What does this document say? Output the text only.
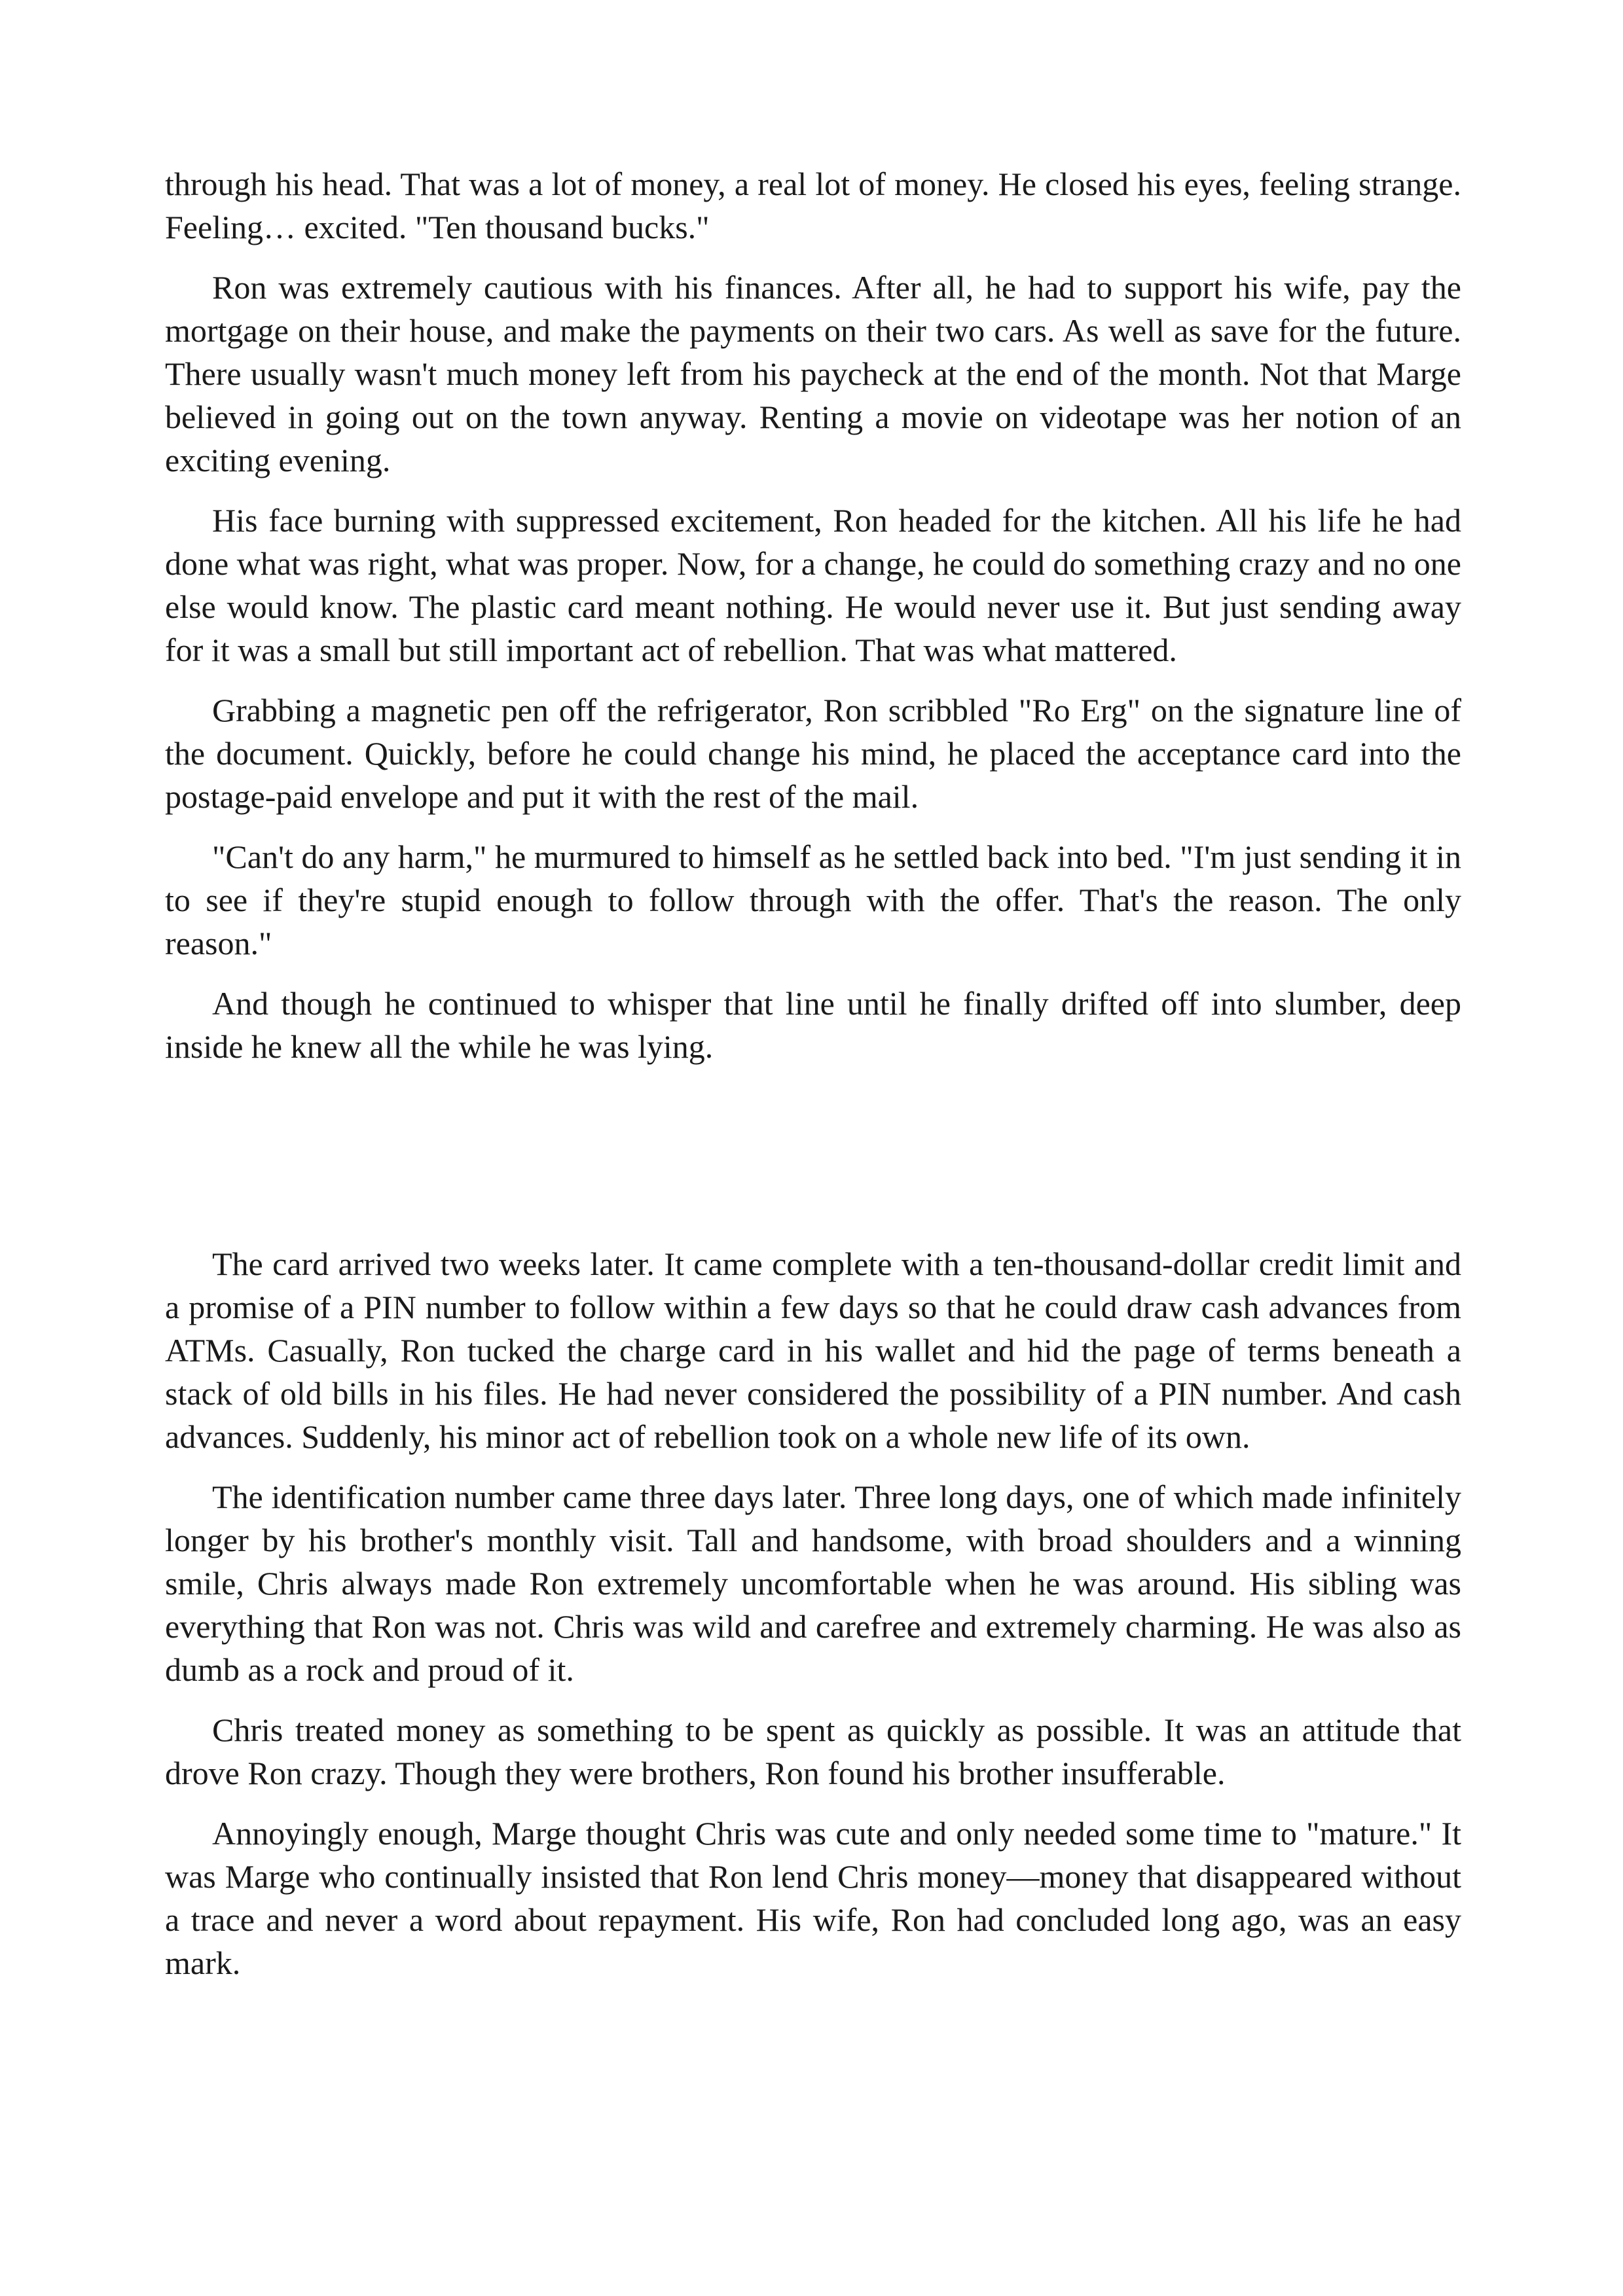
through his head. That was a lot of money, a real lot of money. He closed his eyes, feeling strange. Feeling… excited. "Ten thousand bucks."

Ron was extremely cautious with his finances. After all, he had to support his wife, pay the mortgage on their house, and make the payments on their two cars. As well as save for the future. There usually wasn't much money left from his paycheck at the end of the month. Not that Marge believed in going out on the town anyway. Renting a movie on videotape was her notion of an exciting evening.

His face burning with suppressed excitement, Ron headed for the kitchen. All his life he had done what was right, what was proper. Now, for a change, he could do something crazy and no one else would know. The plastic card meant nothing. He would never use it. But just sending away for it was a small but still important act of rebellion. That was what mattered.

Grabbing a magnetic pen off the refrigerator, Ron scribbled "Ro Erg" on the signature line of the document. Quickly, before he could change his mind, he placed the acceptance card into the postage-paid envelope and put it with the rest of the mail.

"Can't do any harm," he murmured to himself as he settled back into bed. "I'm just sending it in to see if they're stupid enough to follow through with the offer. That's the reason. The only reason."

And though he continued to whisper that line until he finally drifted off into slumber, deep inside he knew all the while he was lying.

The card arrived two weeks later. It came complete with a ten-thousand-dollar credit limit and a promise of a PIN number to follow within a few days so that he could draw cash advances from ATMs. Casually, Ron tucked the charge card in his wallet and hid the page of terms beneath a stack of old bills in his files. He had never considered the possibility of a PIN number. And cash advances. Suddenly, his minor act of rebellion took on a whole new life of its own.

The identification number came three days later. Three long days, one of which made infinitely longer by his brother's monthly visit. Tall and handsome, with broad shoulders and a winning smile, Chris always made Ron extremely uncomfortable when he was around. His sibling was everything that Ron was not. Chris was wild and carefree and extremely charming. He was also as dumb as a rock and proud of it.

Chris treated money as something to be spent as quickly as possible. It was an attitude that drove Ron crazy. Though they were brothers, Ron found his brother insufferable.

Annoyingly enough, Marge thought Chris was cute and only needed some time to "mature." It was Marge who continually insisted that Ron lend Chris money—money that disappeared without a trace and never a word about repayment. His wife, Ron had concluded long ago, was an easy mark.
